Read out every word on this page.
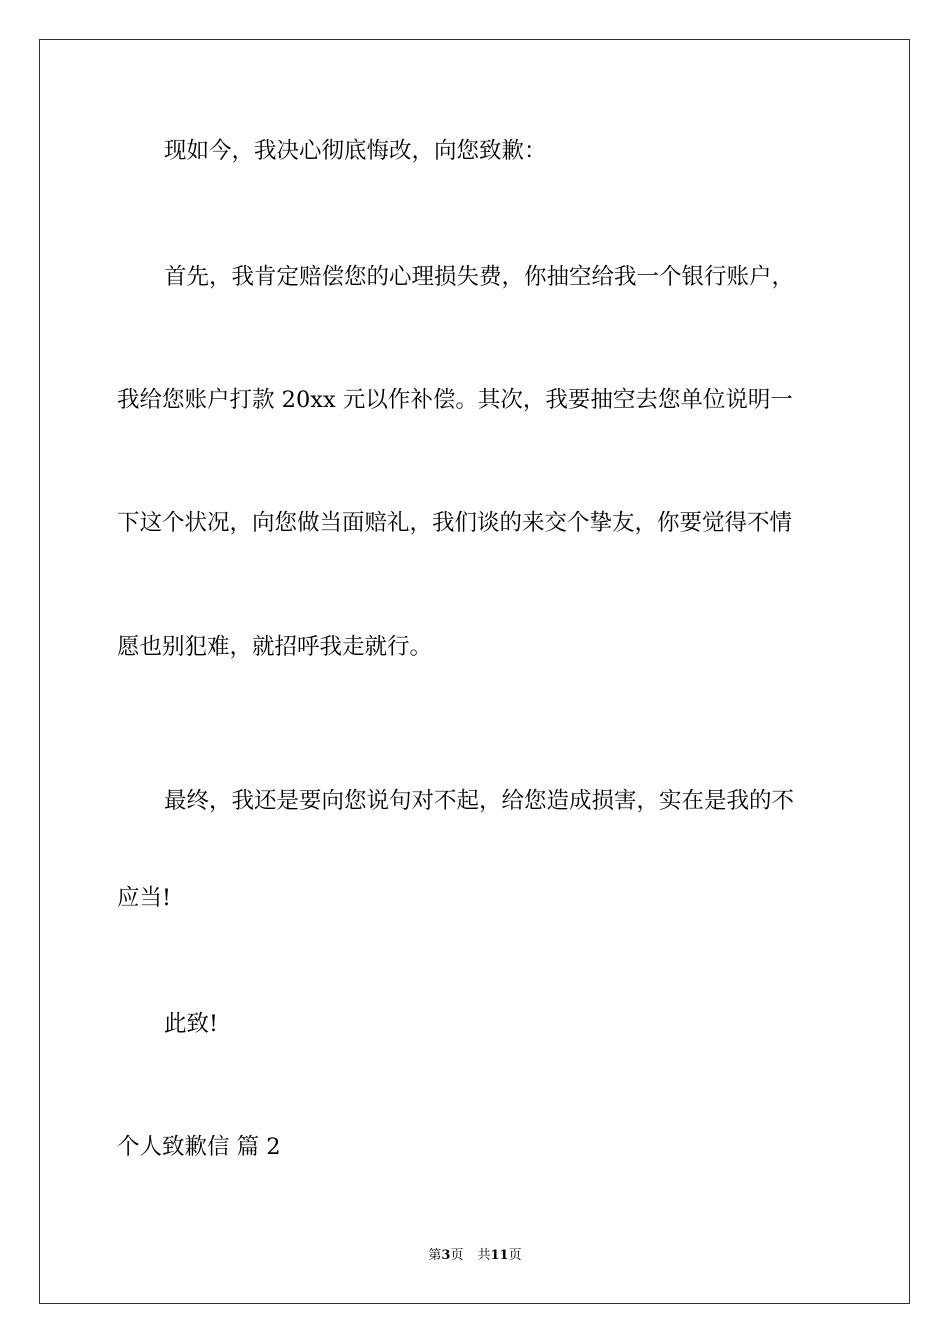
现如今，我决心彻底悔改，向您致歉：
首先，我肯定赔偿您的心理损失费，你抽空给我一个银行账户，
我给您账户打款 20xx 元以作补偿。其次，我要抽空去您单位说明一
下这个状况，向您做当面赔礼，我们谈的来交个挚友，你要觉得不情
愿也别犯难，就招呼我走就行。
最终，我还是要向您说句对不起，给您造成损害，实在是我的不
应当!
此致!
个人致歉信 篇 2
第3页 共11页
